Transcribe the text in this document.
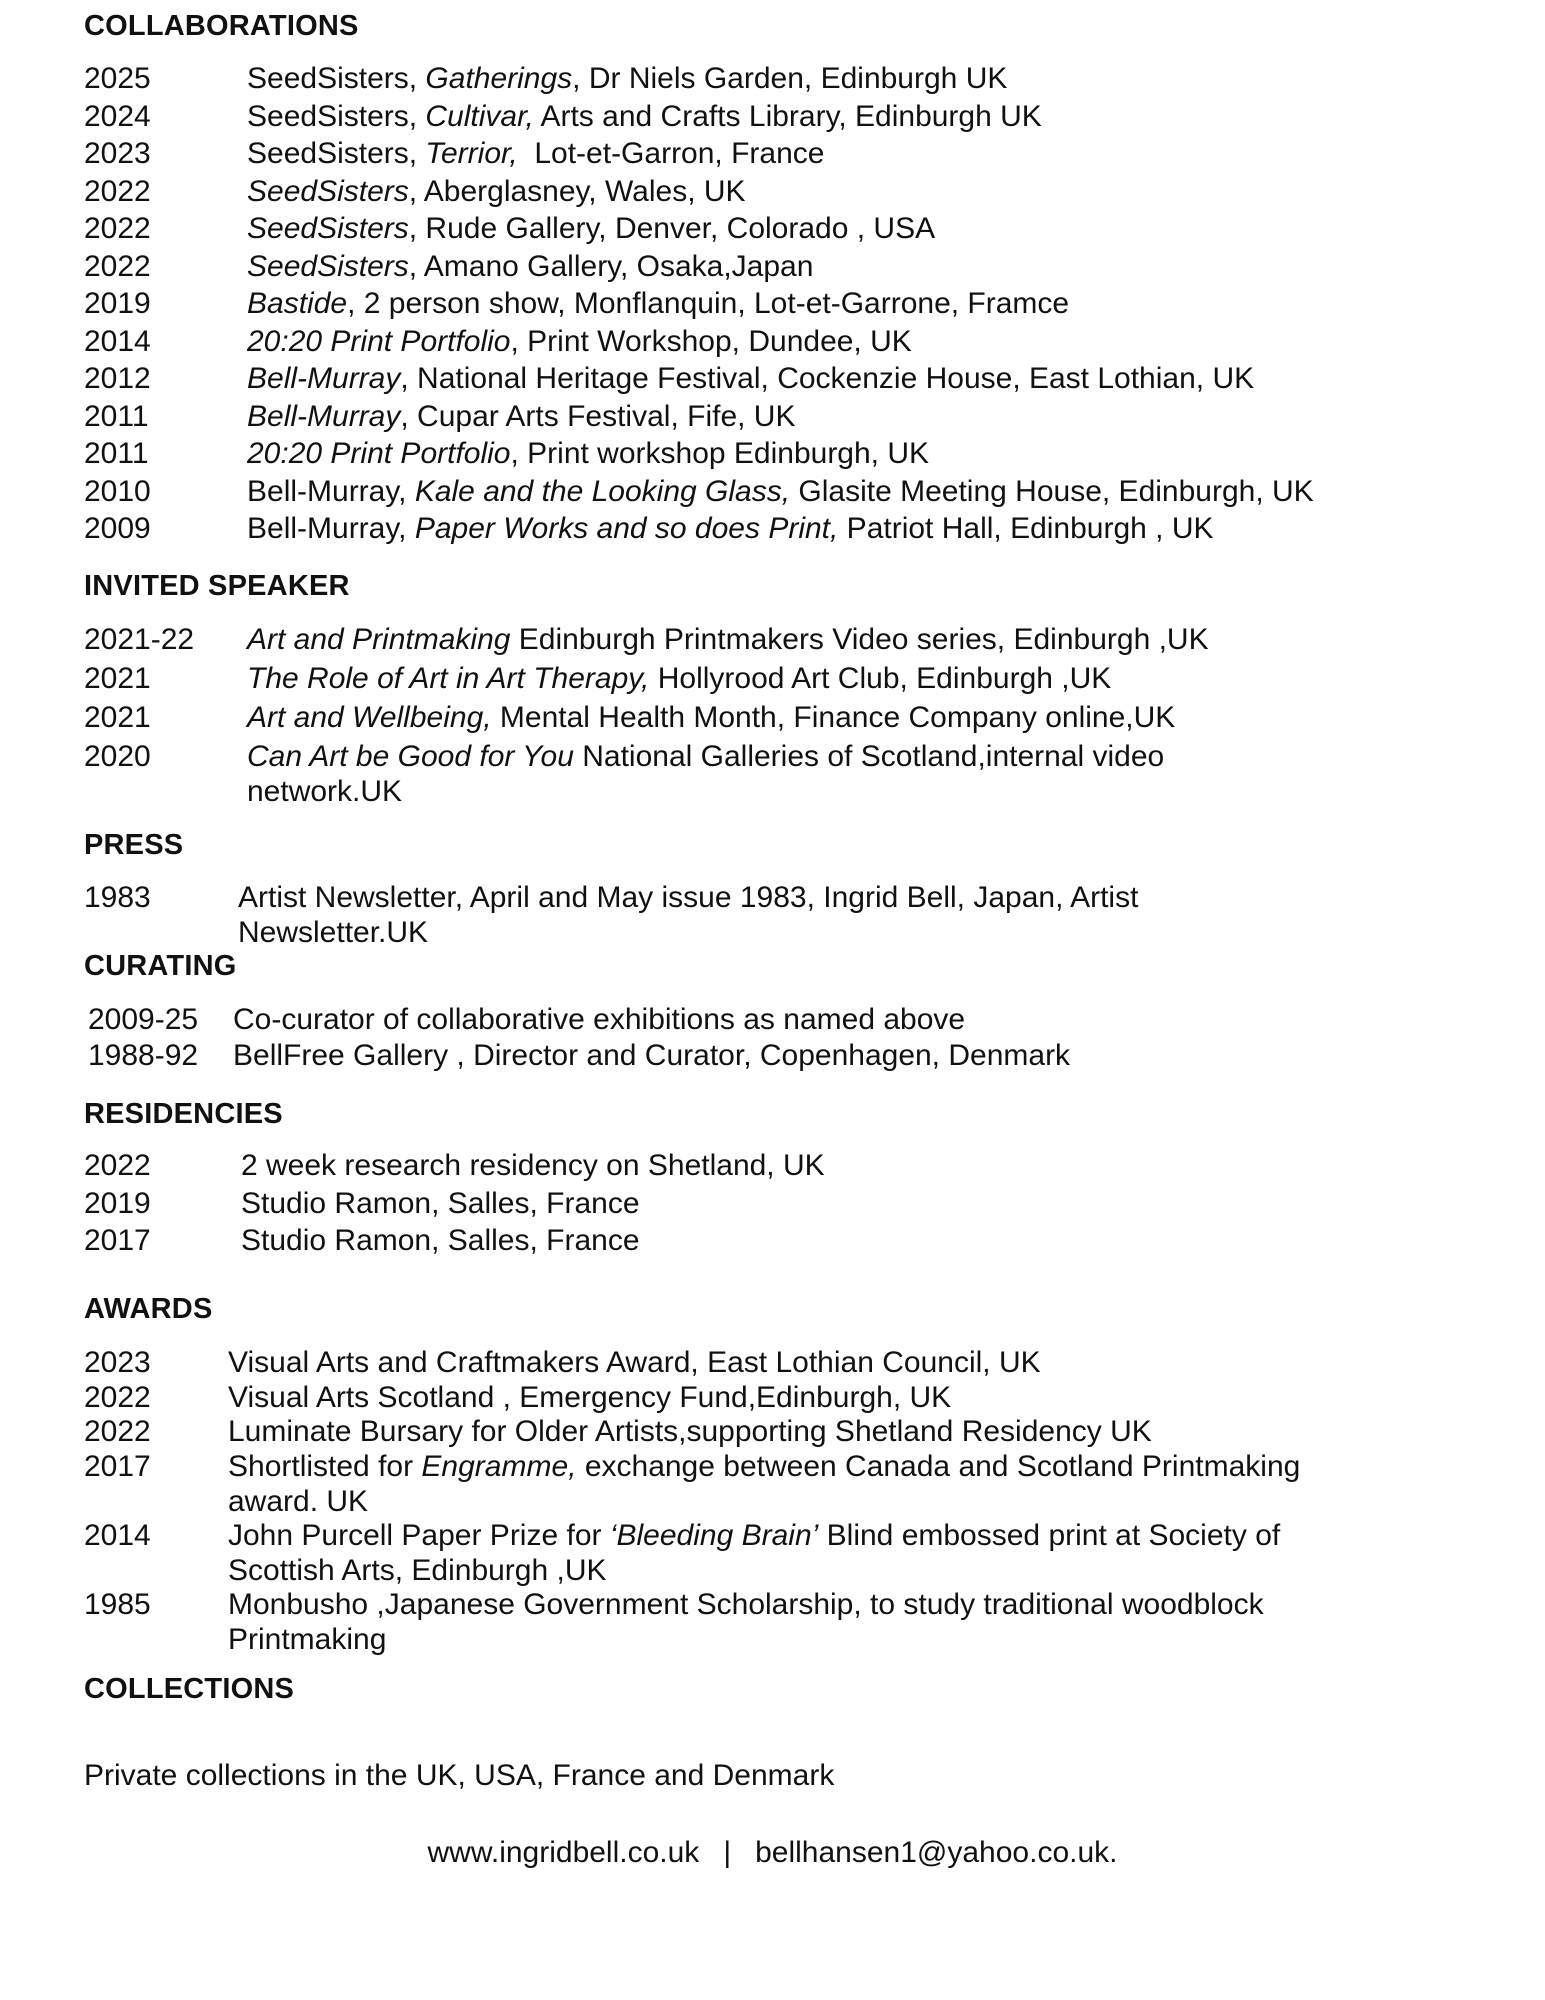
COLLABORATIONS
2025	SeedSisters, Gatherings, Dr Niels Garden, Edinburgh UK
2024	SeedSisters, Cultivar, Arts and Crafts Library, Edinburgh UK
2023	SeedSisters, Terrior,  Lot-et-Garron, France
2022	SeedSisters, Aberglasney, Wales, UK
2022	SeedSisters, Rude Gallery, Denver, Colorado , USA
2022	SeedSisters, Amano Gallery, Osaka,Japan
2019	Bastide, 2 person show, Monflanquin, Lot-et-Garrone, Framce
2014	20:20 Print Portfolio, Print Workshop, Dundee, UK
2012	Bell-Murray, National Heritage Festival, Cockenzie House, East Lothian, UK
2011	Bell-Murray, Cupar Arts Festival, Fife, UK
2011	20:20 Print Portfolio, Print workshop Edinburgh, UK
2010	Bell-Murray, Kale and the Looking Glass, Glasite Meeting House, Edinburgh, UK
2009	Bell-Murray, Paper Works and so does Print, Patriot Hall, Edinburgh , UK
INVITED SPEAKER
2021-22 Art and Printmaking Edinburgh Printmakers Video series, Edinburgh ,UK
2021	The Role of Art in Art Therapy, Hollyrood Art Club, Edinburgh ,UK
2021	Art and Wellbeing, Mental Health Month, Finance Company online,UK
2020	Can Art be Good for You National Galleries of Scotland,internal video
network.UK
PRESS
1983	Artist Newsletter, April and May issue 1983, Ingrid Bell, Japan, Artist
Newsletter.UK
CURATING
2009-25 Co-curator of collaborative exhibitions as named above
1988-92 BellFree Gallery , Director and Curator, Copenhagen, Denmark
RESIDENCIES
2022	2 week research residency on Shetland, UK
2019	Studio Ramon, Salles, France
2017	Studio Ramon, Salles, France
AWARDS
2023	Visual Arts and Craftmakers Award, East Lothian Council, UK
2022	Visual Arts Scotland , Emergency Fund,Edinburgh, UK
2022	Luminate Bursary for Older Artists,supporting Shetland Residency UK
2017	Shortlisted for Engramme, exchange between Canada and Scotland Printmaking
award. UK
2014	John Purcell Paper Prize for ‘Bleeding Brain’ Blind embossed print at Society of
Scottish Arts, Edinburgh ,UK
1985	Monbusho ,Japanese Government Scholarship, to study traditional woodblock
Printmaking
COLLECTIONS
Private collections in the UK, USA, France and Denmark
www.ingridbell.co.uk | bellhansen1@yahoo.co.uk.
